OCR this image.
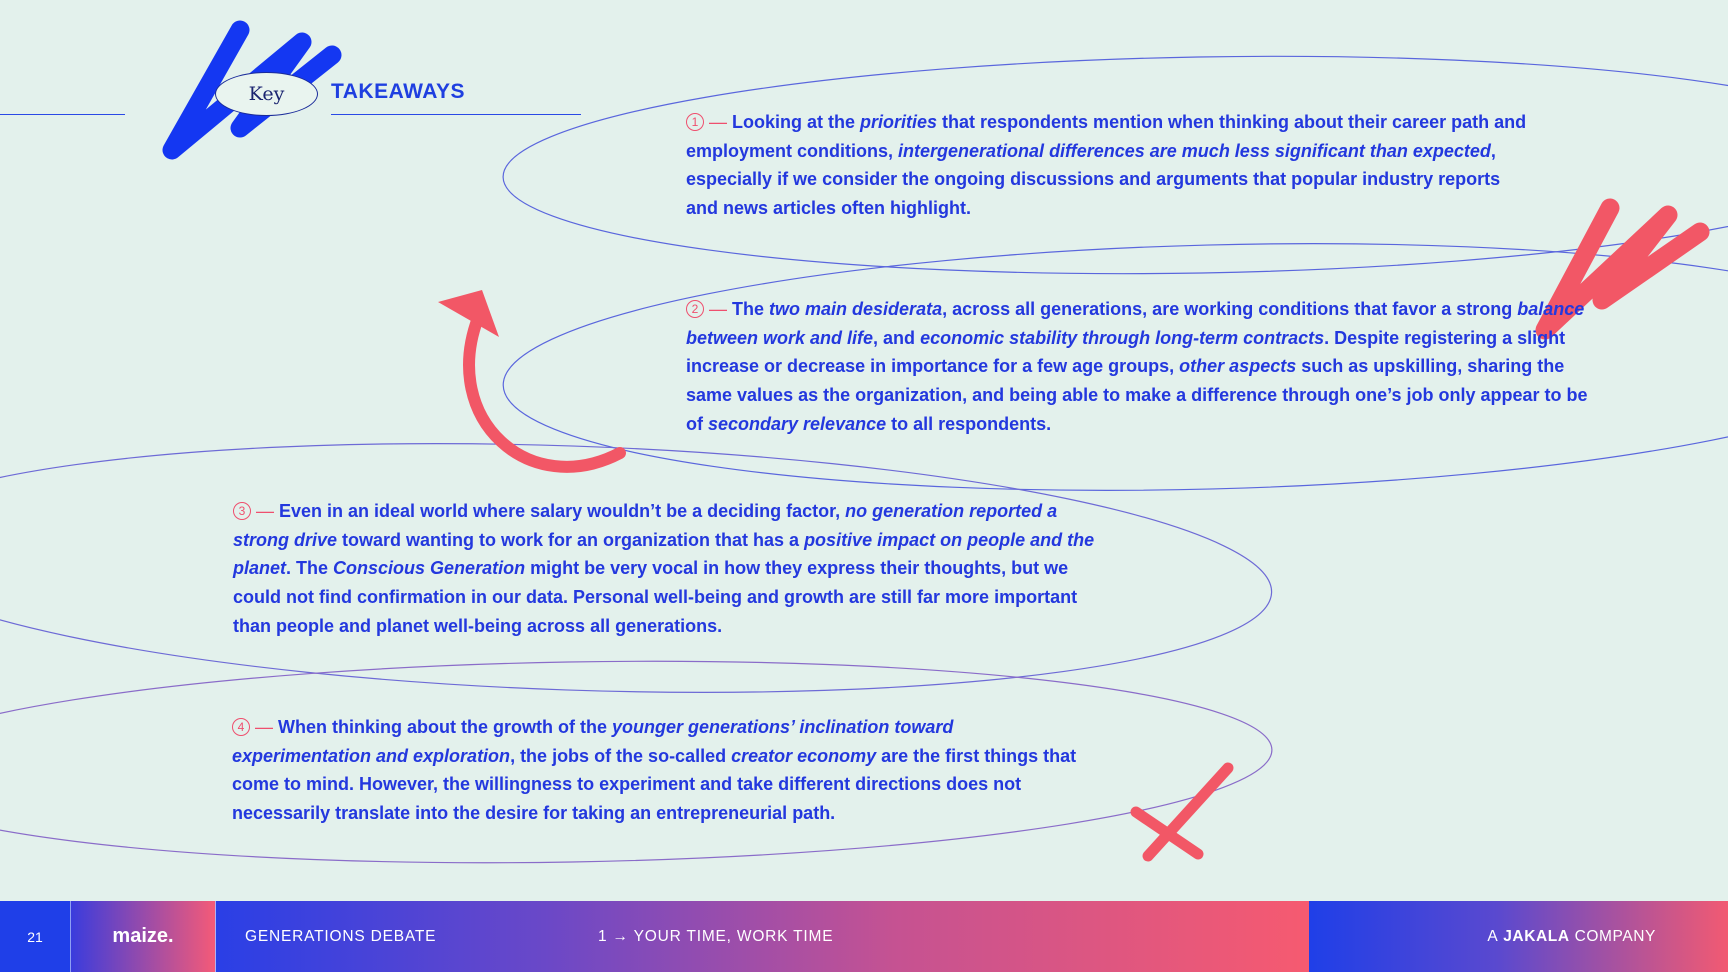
Key	TAKEAWAYS

1 — Looking at the priorities that respondents mention when thinking about their career path and employment conditions, intergenerational differences are much less significant than expected, especially if we consider the ongoing discussions and arguments that popular industry reports and news articles often highlight.

2 — The two main desiderata, across all generations, are working conditions that favor a strong balance between work and life, and economic stability through long-term contracts. Despite registering a slight increase or decrease in importance for a few age groups, other aspects such as upskilling, sharing the same values as the organization, and being able to make a difference through one’s job only appear to be of secondary relevance to all respondents.

3 — Even in an ideal world where salary wouldn’t be a deciding factor, no generation reported a strong drive toward wanting to work for an organization that has a positive impact on people and the planet. The Conscious Generation might be very vocal in how they express their thoughts, but we could not find confirmation in our data. Personal well-being and growth are still far more important than people and planet well-being across all generations.

4 — When thinking about the growth of the younger generations’ inclination toward experimentation and exploration, the jobs of the so-called creator economy are the first things that come to mind. However, the willingness to experiment and take different directions does not necessarily translate into the desire for taking an entrepreneurial path.

21	maize.	GENERATIONS DEBATE	1 → YOUR TIME, WORK TIME	A
JAKALA
COMPANY
